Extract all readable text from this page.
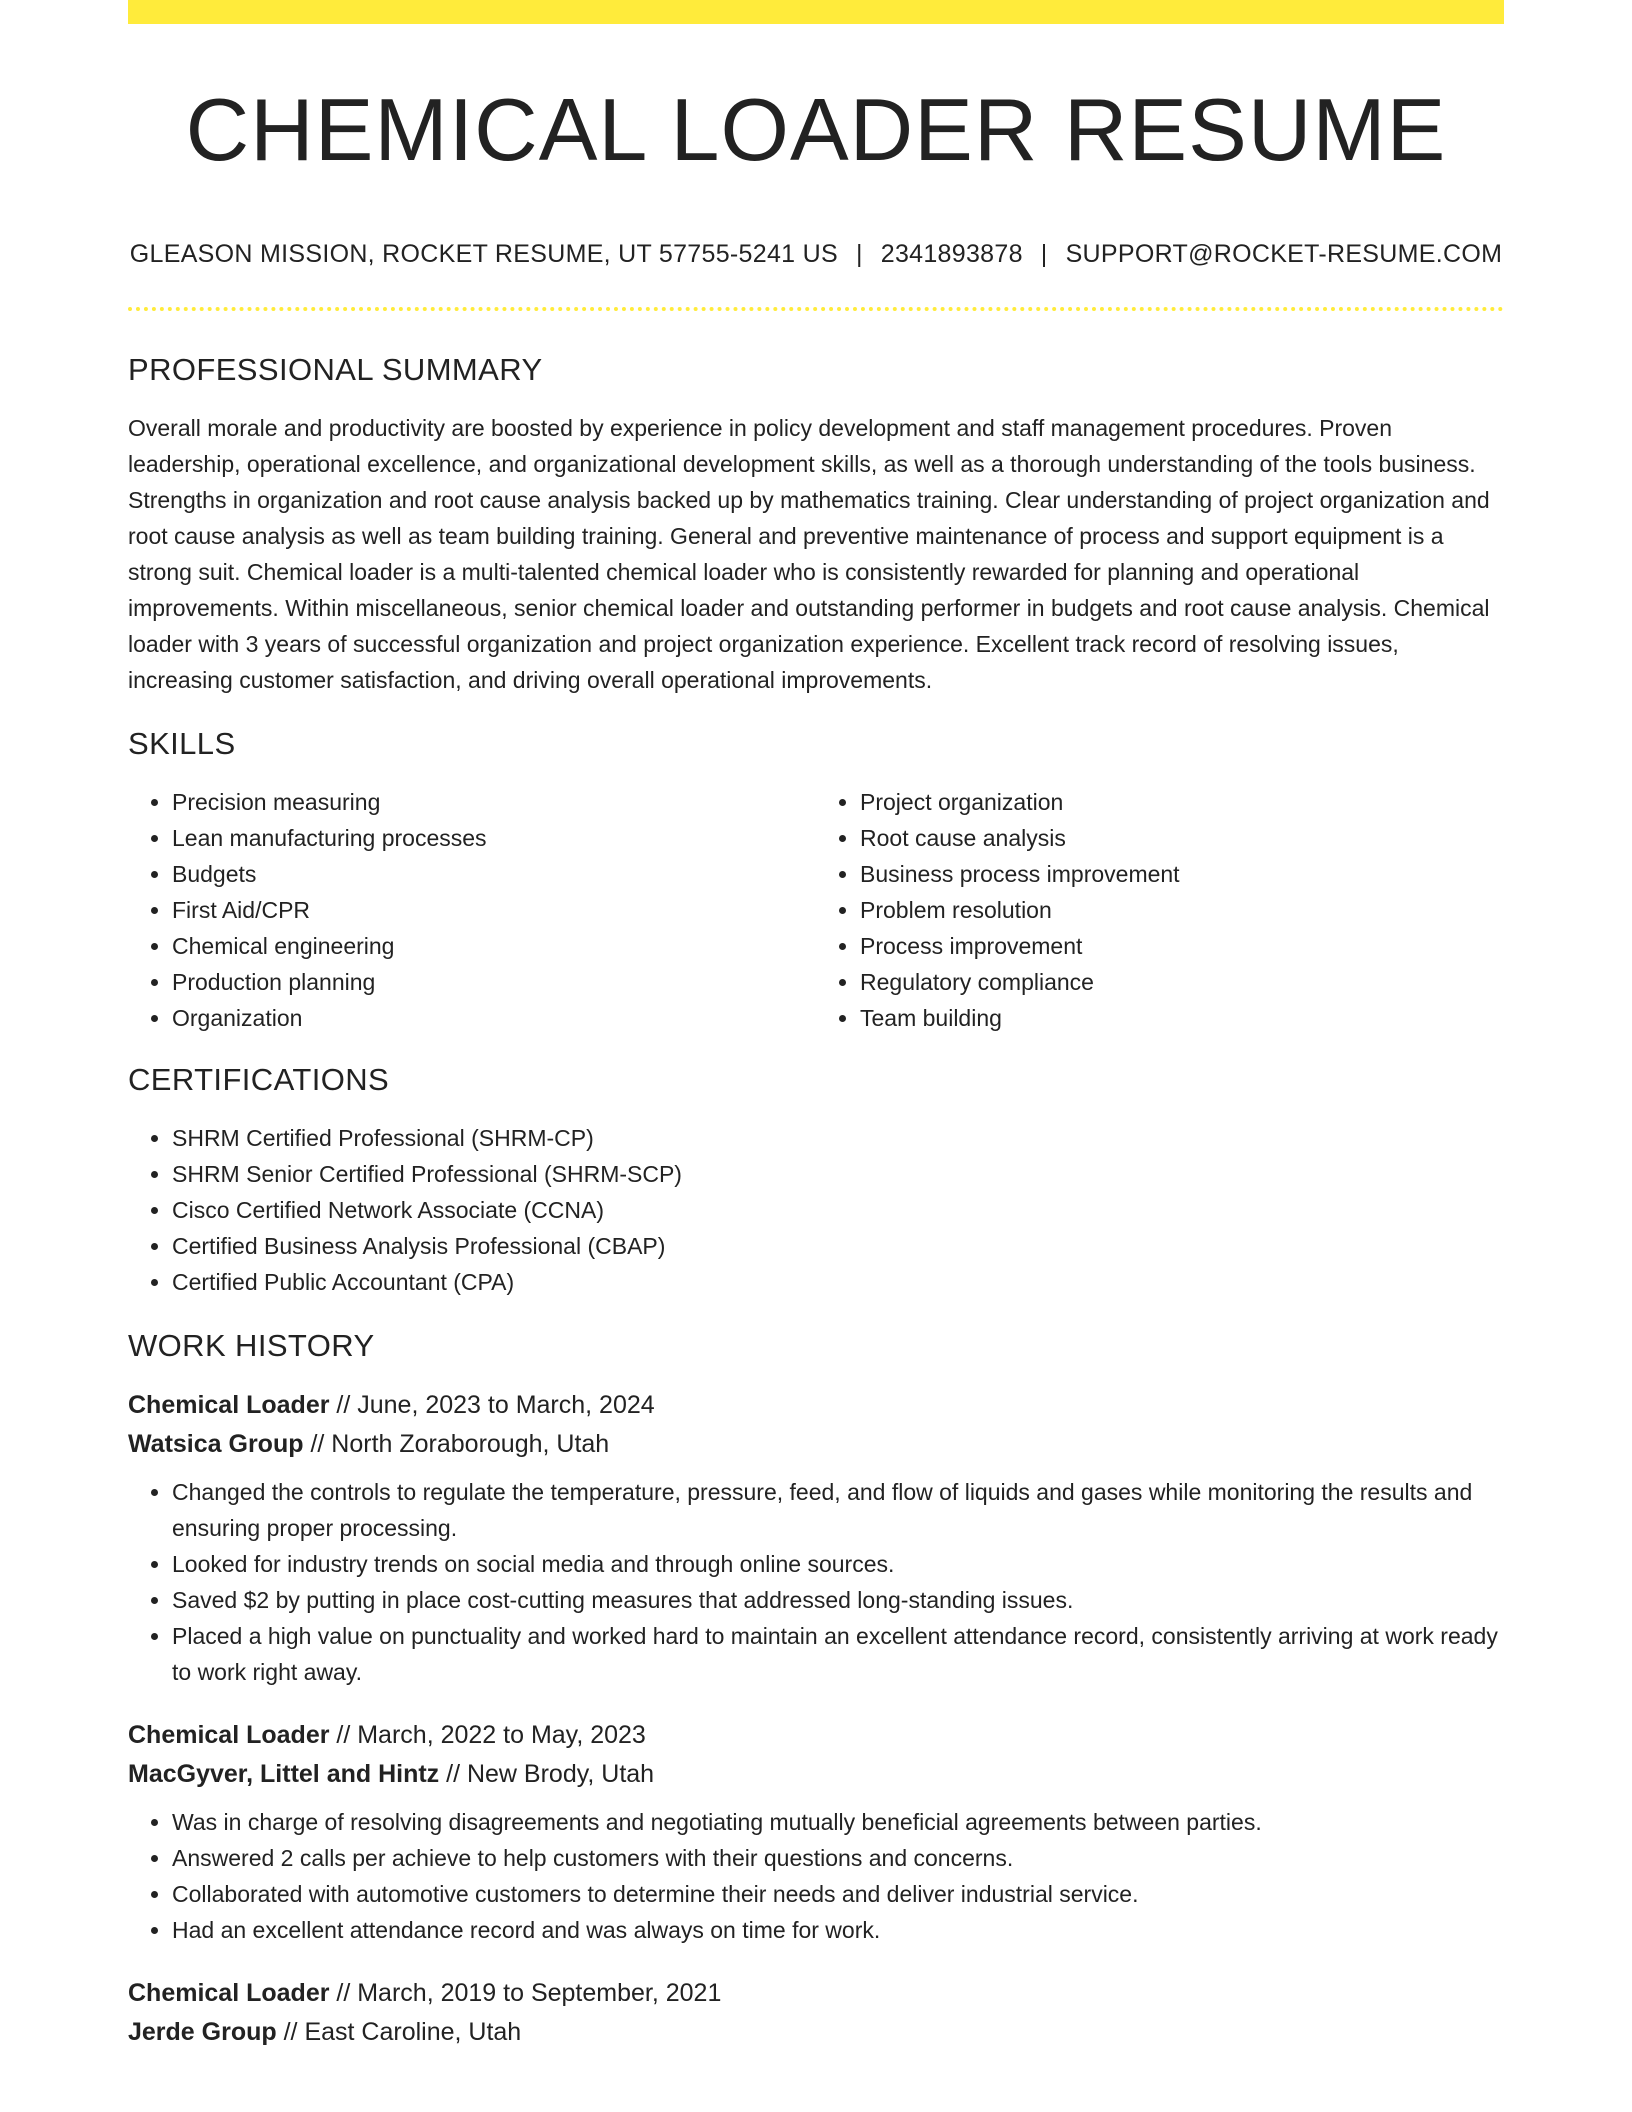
CHEMICAL LOADER RESUME
GLEASON MISSION, ROCKET RESUME, UT 57755-5241 US | 2341893878 | SUPPORT@ROCKET-RESUME.COM
PROFESSIONAL SUMMARY

Overall morale and productivity are boosted by experience in policy development and staff management procedures. Proven leadership, operational excellence, and organizational development skills, as well as a thorough understanding of the tools business. Strengths in organization and root cause analysis backed up by mathematics training. Clear understanding of project organization and root cause analysis as well as team building training. General and preventive maintenance of process and support equipment is a strong suit. Chemical loader is a multi-talented chemical loader who is consistently rewarded for planning and operational improvements. Within miscellaneous, senior chemical loader and outstanding performer in budgets and root cause analysis. Chemical loader with 3 years of successful organization and project organization experience. Excellent track record of resolving issues, increasing customer satisfaction, and driving overall operational improvements.

SKILLS
• Precision measuring
• Lean manufacturing processes
• Budgets
• First Aid/CPR
• Chemical engineering
• Production planning
• Organization
• Project organization
• Root cause analysis
• Business process improvement
• Problem resolution
• Process improvement
• Regulatory compliance
• Team building
CERTIFICATIONS
• SHRM Certified Professional (SHRM-CP)
• SHRM Senior Certified Professional (SHRM-SCP)
• Cisco Certified Network Associate (CCNA)
• Certified Business Analysis Professional (CBAP)
• Certified Public Accountant (CPA)
WORK HISTORY
Chemical Loader // June, 2023 to March, 2024
Watsica Group // North Zoraborough, Utah
• Changed the controls to regulate the temperature, pressure, feed, and flow of liquids and gases while monitoring the results and ensuring proper processing.
• Looked for industry trends on social media and through online sources.
• Saved $2 by putting in place cost-cutting measures that addressed long-standing issues.
• Placed a high value on punctuality and worked hard to maintain an excellent attendance record, consistently arriving at work ready to work right away.
Chemical Loader // March, 2022 to May, 2023
MacGyver, Littel and Hintz // New Brody, Utah
• Was in charge of resolving disagreements and negotiating mutually beneficial agreements between parties.
• Answered 2 calls per achieve to help customers with their questions and concerns.
• Collaborated with automotive customers to determine their needs and deliver industrial service.
• Had an excellent attendance record and was always on time for work.
Chemical Loader // March, 2019 to September, 2021
Jerde Group // East Caroline, Utah
